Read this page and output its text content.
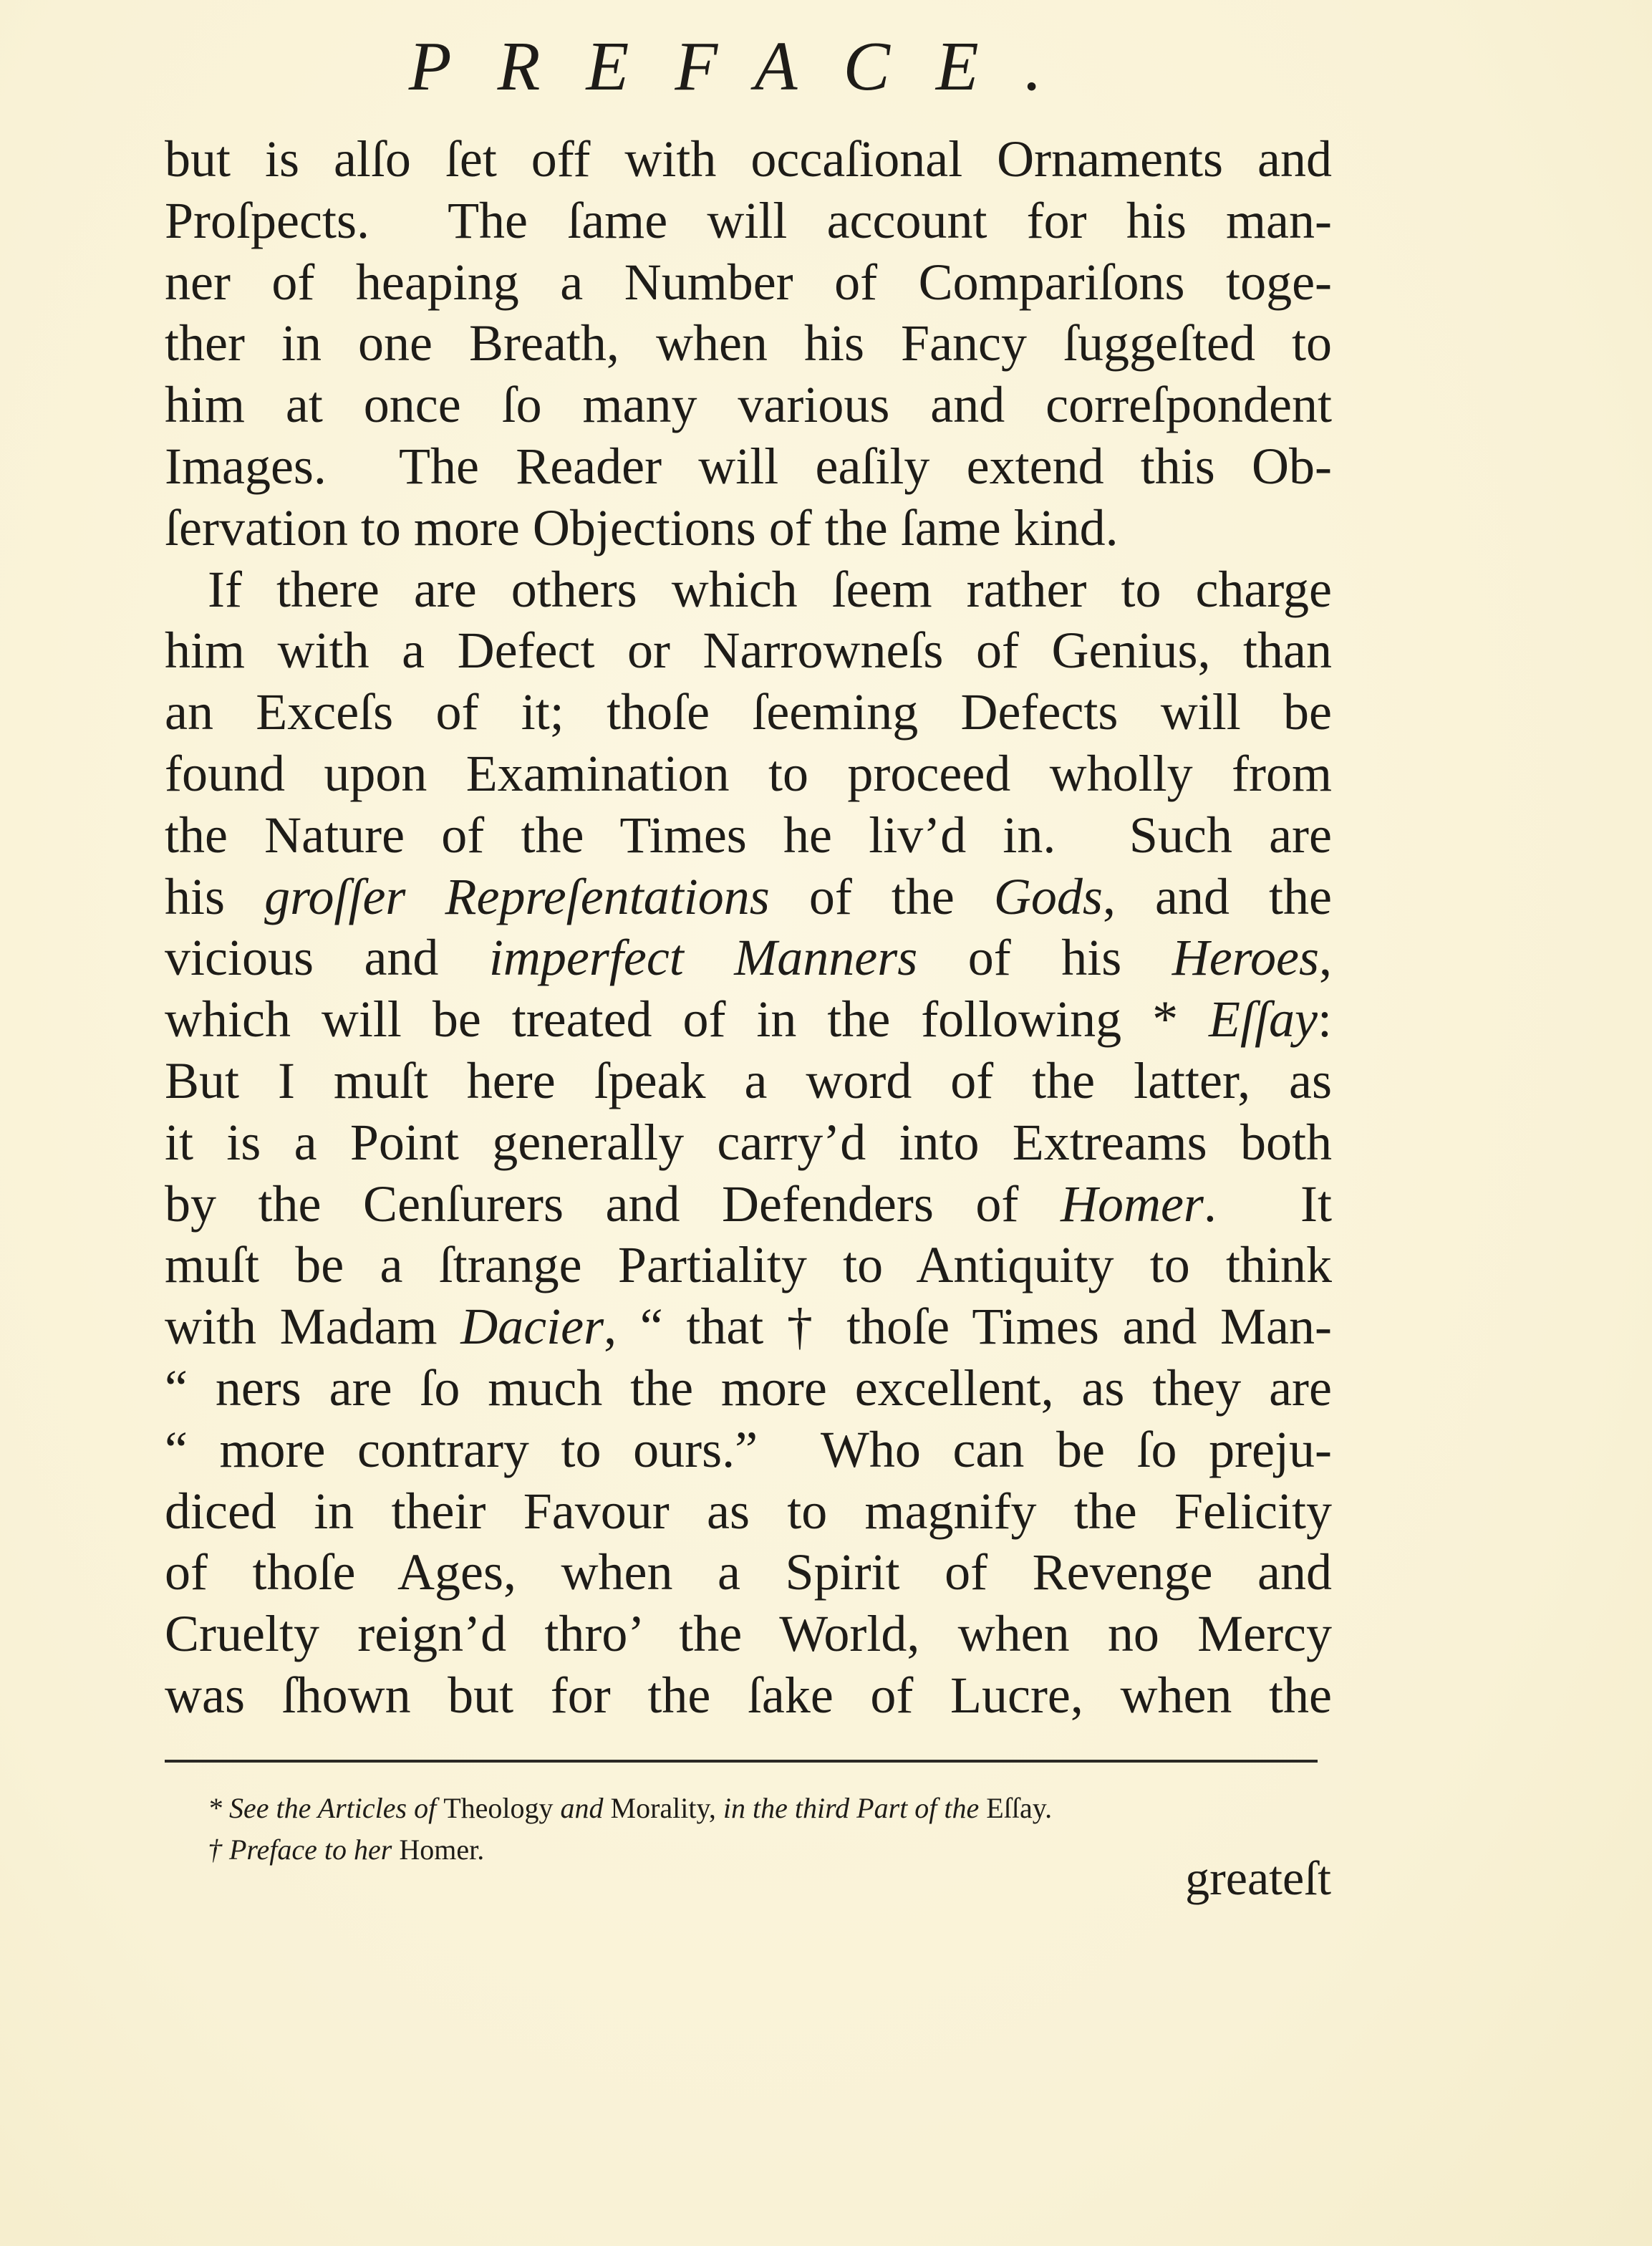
PREFACE.
but is alſo ſet off with occaſional Ornaments and
Proſpects.  The ſame will account for his man-
ner of heaping a Number of Compariſons toge-
ther in one Breath, when his Fancy ſuggeſted to
him at once ſo many various and correſpondent
Images.  The Reader will eaſily extend this Ob-
ſervation to more Objections of the ſame kind.
If there are others which ſeem rather to charge
him with a Defect or Narrowneſs of Genius, than
an Exceſs of it; thoſe ſeeming Defects will be
found upon Examination to proceed wholly from
the Nature of the Times he liv’d in.  Such are
his groſſer Repreſentations of the Gods, and the
vicious and imperfect Manners of his Heroes,
which will be treated of in the following * Eſſay:
But I muſt here ſpeak a word of the latter, as
it is a Point generally carry’d into Extreams both
by the Cenſurers and Defenders of Homer.  It
muſt be a ſtrange Partiality to Antiquity to think
with Madam Dacier, “ that † thoſe Times and Man-
“ ners are ſo much the more excellent, as they are
“ more contrary to ours.”  Who can be ſo preju-
diced in their Favour as to magnify the Felicity
of thoſe Ages, when a Spirit of Revenge and
Cruelty reign’d thro’ the World, when no Mercy
was ſhown but for the ſake of Lucre, when the
* See the Articles of Theology and Morality, in the third Part of the Eſſay.
† Preface to her Homer.
greateſt
